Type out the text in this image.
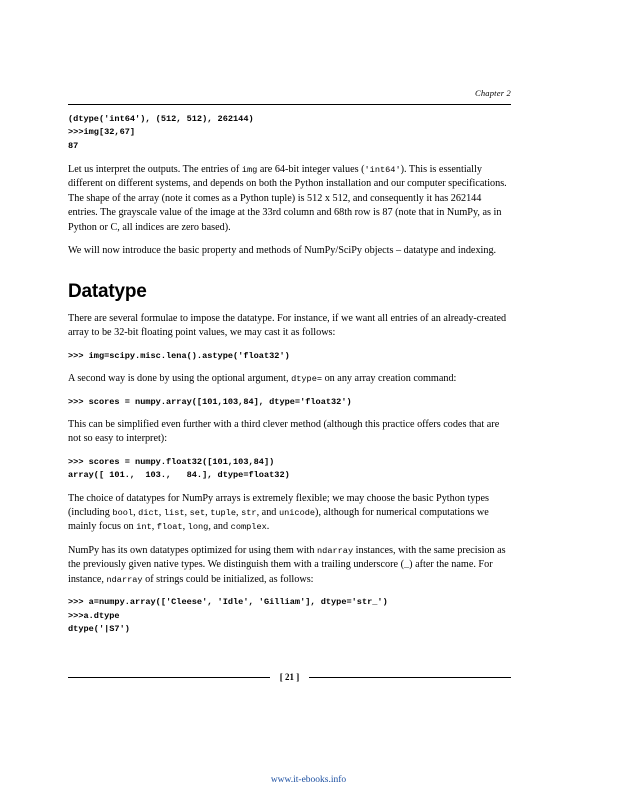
Chapter 2
(dtype('int64'), (512, 512), 262144)
>>>img[32,67]
87

Let us interpret the outputs. The entries of img are 64-bit integer values ('int64'). This is essentially different on different systems, and depends on both the Python installation and our computer specifications. The shape of the array (note it comes as a Python tuple) is 512 x 512, and consequently it has 262144 entries. The grayscale value of the image at the 33rd column and 68th row is 87 (note that in NumPy, as in Python or C, all indices are zero based).

We will now introduce the basic property and methods of NumPy/SciPy objects – datatype and indexing.

Datatype

There are several formulae to impose the datatype. For instance, if we want all entries of an already-created array to be 32-bit floating point values, we may cast it as follows:

>>> img=scipy.misc.lena().astype('float32')

A second way is done by using the optional argument, dtype= on any array creation command:

>>> scores = numpy.array([101,103,84], dtype='float32')

This can be simplified even further with a third clever method (although this practice offers codes that are not so easy to interpret):

>>> scores = numpy.float32([101,103,84])
array([ 101.,  103.,   84.], dtype=float32)

The choice of datatypes for NumPy arrays is extremely flexible; we may choose the basic Python types (including bool, dict, list, set, tuple, str, and unicode), although for numerical computations we mainly focus on int, float, long, and complex.

NumPy has its own datatypes optimized for using them with ndarray instances, with the same precision as the previously given native types. We distinguish them with a trailing underscore (_) after the name. For instance, ndarray of strings could be initialized, as follows:

>>> a=numpy.array(['Cleese', 'Idle', 'Gilliam'], dtype='str_')
>>>a.dtype
dtype('|S7')
[ 21 ]
www.it-ebooks.info
